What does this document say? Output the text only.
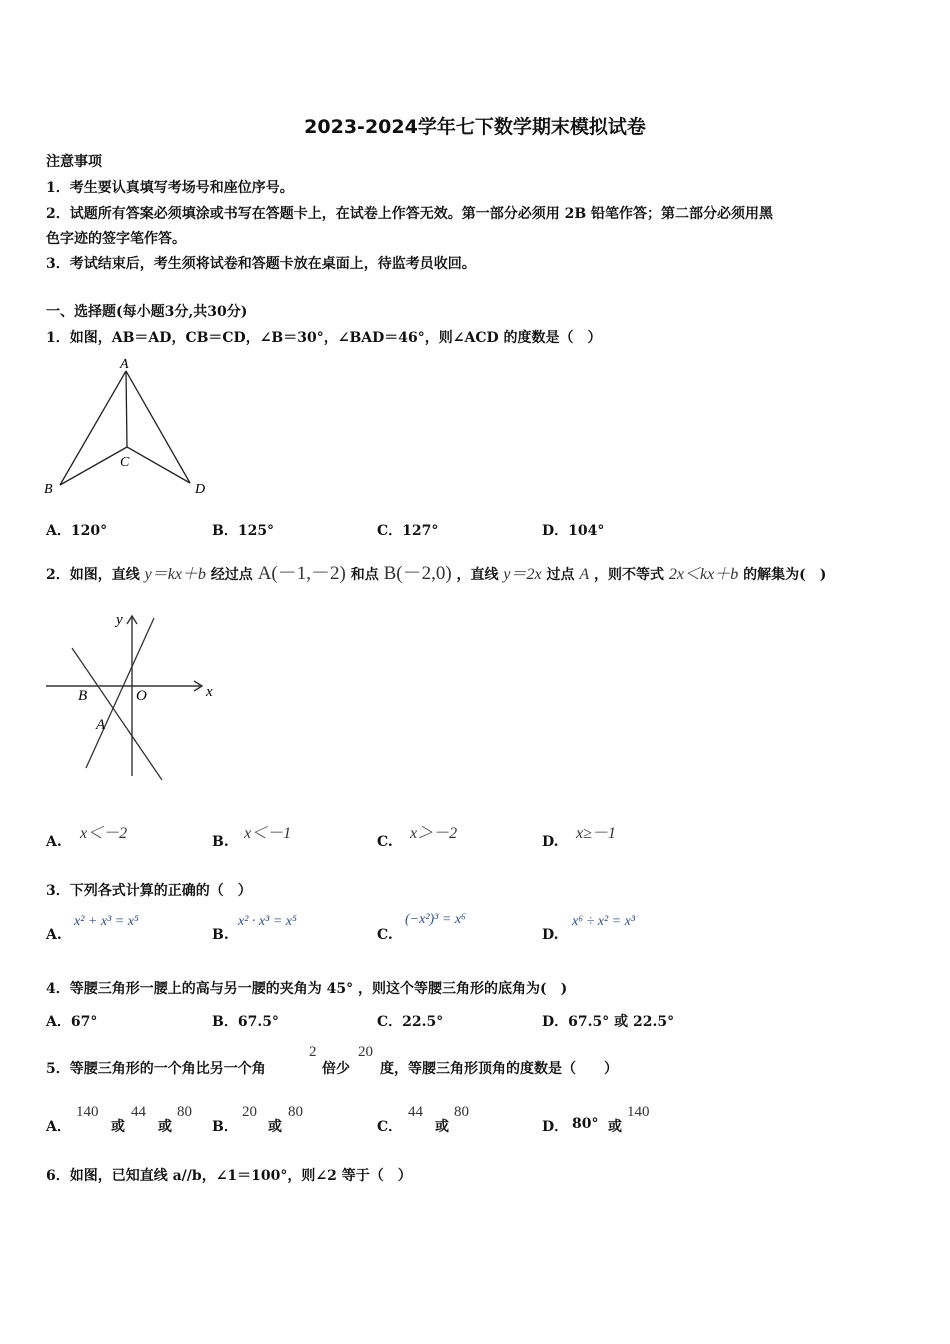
2023-2024学年七下数学期末模拟试卷
注意事项
1．考生要认真填写考场号和座位序号。
2．试题所有答案必须填涂或书写在答题卡上，在试卷上作答无效。第一部分必须用 2B 铅笔作答；第二部分必须用黑
色字迹的签字笔作答。
3．考试结束后，考生须将试卷和答题卡放在桌面上，待监考员收回。
一、选择题(每小题3分,共30分)
1．如图，AB＝AD，CB＝CD，∠B＝30°，∠BAD＝46°，则∠ACD 的度数是（　）
A
B
C
D
A．120°	B．125°	C．127°	D．104°
2．如图，直线 y＝kx＋b 经过点 A(－1,－2) 和点 B(－2,0) ，直线 y＝2x 过点 A ，则不等式 2x＜kx＋b 的解集为(　)
x
y
B	O
A
A. x＜－2	B. x＜－1	C. x＞－2	D. x≥－1
3．下列各式计算的正确的（　）
A.
x² + x³ = x⁵
B.
x² · x³ = x⁵
C.
(−x²)³ = x⁶
D.
x⁶ ÷ x² = x³
4．等腰三角形一腰上的高与另一腰的夹角为 45° ，则这个等腰三角形的底角为(　)
A．67°	B．67.5°	C．22.5°	D．67.5° 或 22.5°
5．等腰三角形的一个角比另一个角
2
倍少
20
度，等腰三角形顶角的度数是（　　）
A．
140
或
44
或
80
B．
20
或
80
C．
44
或
80
D． 80° 或
140
6．如图，已知直线 a//b，∠1＝100°，则∠2 等于（　）
